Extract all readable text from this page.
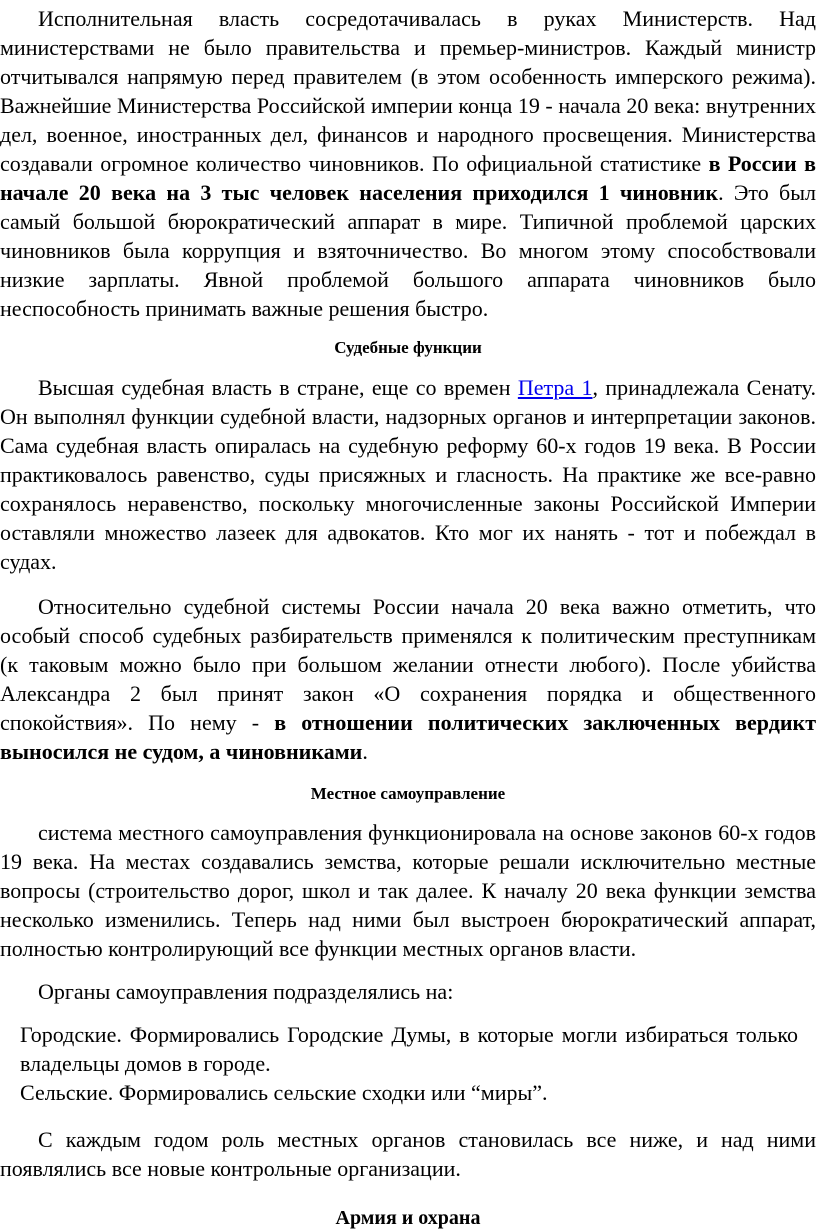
Исполнительная власть сосредотачивалась в руках Министерств. Над министерствами не было правительства и премьер-министров. Каждый министр отчитывался напрямую перед правителем (в этом особенность имперского режима). Важнейшие Министерства Российской империи конца 19 - начала 20 века: внутренних дел, военное, иностранных дел, финансов и народного просвещения. Министерства создавали огромное количество чиновников. По официальной статистике в России в начале 20 века на 3 тыс человек населения приходился 1 чиновник. Это был самый большой бюрократический аппарат в мире. Типичной проблемой царских чиновников была коррупция и взяточничество. Во многом этому способствовали низкие зарплаты. Явной проблемой большого аппарата чиновников было неспособность принимать важные решения быстро.

Судебные функции

Высшая судебная власть в стране, еще со времен Петра 1, принадлежала Сенату. Он выполнял функции судебной власти, надзорных органов и интерпретации законов. Сама судебная власть опиралась на судебную реформу 60-х годов 19 века. В России практиковалось равенство, суды присяжных и гласность. На практике же все-равно сохранялось неравенство, поскольку многочисленные законы Российской Империи оставляли множество лазеек для адвокатов. Кто мог их нанять - тот и побеждал в судах.

Относительно судебной системы России начала 20 века важно отметить, что особый способ судебных разбирательств применялся к политическим преступникам (к таковым можно было при большом желании отнести любого). После убийства Александра 2 был принят закон «О сохранения порядка и общественного спокойствия». По нему - в отношении политических заключенных вердикт выносился не судом, а чиновниками.

Местное самоуправление

система местного самоуправления функционировала на основе законов 60-х годов 19 века. На местах создавались земства, которые решали исключительно местные вопросы (строительство дорог, школ и так далее. К началу 20 века функции земства несколько изменились. Теперь над ними был выстроен бюрократический аппарат, полностью контролирующий все функции местных органов власти.

Органы самоуправления подразделялись на:

Городские. Формировались Городские Думы, в которые могли избираться только владельцы домов в городе.

Сельские. Формировались сельские сходки или “миры”.

С каждым годом роль местных органов становилась все ниже, и над ними появлялись все новые контрольные организации.

Армия и охрана
